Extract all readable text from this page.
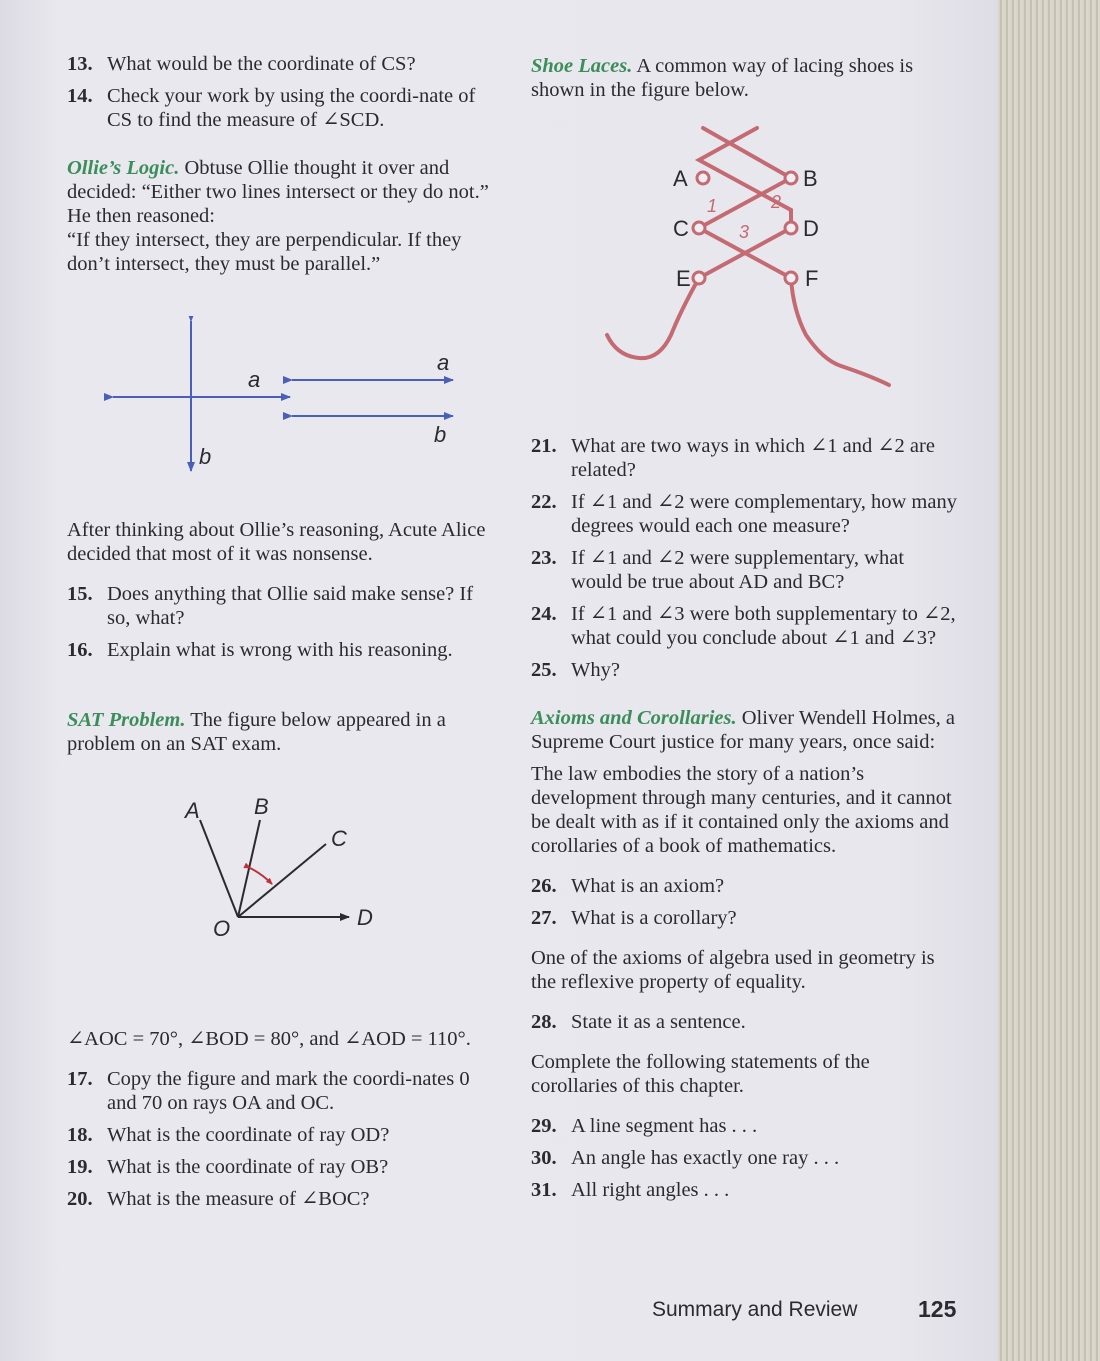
13. What would be the coordinate of CS?
14. Check your work by using the coordi-nate of CS to find the measure of ∠SCD.

Ollie’s Logic. Obtuse Ollie thought it over and decided: “Either two lines intersect or they do not.” He then reasoned:

“If they intersect, they are perpendicular. If they don’t intersect, they must be parallel.”

a
b
a
b

After thinking about Ollie’s reasoning, Acute Alice decided that most of it was nonsense.

15. Does anything that Ollie said make sense? If so, what?
16. Explain what is wrong with his reasoning.

SAT Problem. The figure below appeared in a problem on an SAT exam.

A B
C
D
O

∠AOC = 70°, ∠BOD = 80°, and ∠AOD = 110°.

17. Copy the figure and mark the coordi-nates 0 and 70 on rays OA and OC.
18. What is the coordinate of ray OD?
19. What is the coordinate of ray OB?
20. What is the measure of ∠BOC?

Shoe Laces. A common way of lacing shoes is shown in the figure below.

A	B
C	D
E	F
1	2
3
21. What are two ways in which ∠1 and ∠2 are related?
22. If ∠1 and ∠2 were complementary, how many degrees would each one measure?
23. If ∠1 and ∠2 were supplementary, what would be true about AD and BC?
24. If ∠1 and ∠3 were both supplementary to ∠2, what could you conclude about ∠1 and ∠3?
25. Why?

Axioms and Corollaries. Oliver Wendell Holmes, a Supreme Court justice for many years, once said:

The law embodies the story of a nation’s development through many centuries, and it cannot be dealt with as if it contained only the axioms and corollaries of a book of mathematics.

26. What is an axiom?
27. What is a corollary?

One of the axioms of algebra used in geometry is the reflexive property of equality.

28. State it as a sentence.

Complete the following statements of the corollaries of this chapter.

29. A line segment has . . .
30. An angle has exactly one ray . . .
31. All right angles . . .
Summary and Review	125
